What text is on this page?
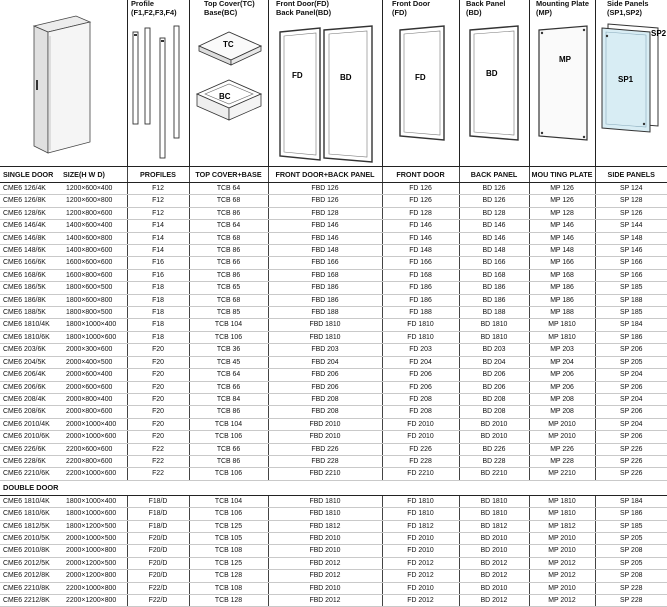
Profile
(F1,F2,F3,F4)
Top Cover(TC)
Base(BC)
Front Door(FD)
Back Panel(BD)
Front Door
(FD)
Back Panel
(BD)
Mounting Plate
(MP)
Side Panels
(SP1,SP2)
TC
BC
FD	BD	FD	BD
MP
SP2
SP1
SINGLE DOOR	SIZE(H W D)	PROFILES	TOP COVER+BASE	FRONT DOOR+BACK PANEL	FRONT DOOR	BACK PANEL	MOU TING PLATE	SIDE PANELS
CME6 126/4K	1200×600×400	F12	TCB 64	FBD 126	FD 126	BD 126	MP 126	SP 124
CME6 126/8K	1200×600×800	F12	TCB 68	FBD 126	FD 126	BD 126	MP 126	SP 128
CME6 128/6K	1200×800×600	F12	TCB 86	FBD 128	FD 128	BD 128	MP 128	SP 126
CME6 146/4K	1400×600×400	F14	TCB 64	FBD 146	FD 146	BD 146	MP 146	SP 144
CME6 146/8K	1400×600×800	F14	TCB 68	FBD 146	FD 146	BD 146	MP 146	SP 148
CME6 148/6K	1400×800×600	F14	TCB 86	FBD 148	FD 148	BD 148	MP 148	SP 146
CME6 166/6K	1600×600×600	F16	TCB 66	FBD 166	FD 166	BD 166	MP 166	SP 166
CME6 168/6K	1600×800×600	F16	TCB 86	FBD 168	FD 168	BD 168	MP 168	SP 166
CME6 186/5K	1800×600×500	F18	TCB 65	FBD 186	FD 186	BD 186	MP 186	SP 185
CME6 186/8K	1800×600×800	F18	TCB 68	FBD 186	FD 186	BD 186	MP 186	SP 188
CME6 188/5K	1800×800×500	F18	TCB 85	FBD 188	FD 188	BD 188	MP 188	SP 185
CME6 1810/4K	1800×1000×400	F18	TCB 104	FBD 1810	FD 1810	BD 1810	MP 1810	SP 184
CME6 1810/6K	1800×1000×600	F18	TCB 106	FBD 1810	FD 1810	BD 1810	MP 1810	SP 186
CME6 203/6K	2000×300×600	F20	TCB 36	FBD 203	FD 203	BD 203	MP 203	SP 206
CME6 204/5K	2000×400×500	F20	TCB 45	FBD 204	FD 204	BD 204	MP 204	SP 205
CME6 206/4K	2000×600×400	F20	TCB 64	FBD 206	FD 206	BD 206	MP 206	SP 204
CME6 206/6K	2000×600×600	F20	TCB 66	FBD 206	FD 206	BD 206	MP 206	SP 206
CME6 208/4K	2000×800×400	F20	TCB 84	FBD 208	FD 208	BD 208	MP 208	SP 204
CME6 208/6K	2000×800×600	F20	TCB 86	FBD 208	FD 208	BD 208	MP 208	SP 206
CME6 2010/4K	2000×1000×400	F20	TCB 104	FBD 2010	FD 2010	BD 2010	MP 2010	SP 204
CME6 2010/6K	2000×1000×600	F20	TCB 106	FBD 2010	FD 2010	BD 2010	MP 2010	SP 206
CME6 226/6K	2200×600×600	F22	TCB 66	FBD 226	FD 226	BD 226	MP 226	SP 226
CME6 228/6K	2200×800×600	F22	TCB 86	FBD 228	FD 228	BD 228	MP 228	SP 226
CME6 2210/6K	2200×1000×600	F22	TCB 106	FBD 2210	FD 2210	BD 2210	MP 2210	SP 226
DOUBLE DOOR								
CME6 1810/4K	1800×1000×400	F18/D	TCB 104	FBD 1810	FD 1810	BD 1810	MP 1810	SP 184
CME6 1810/6K	1800×1000×600	F18/D	TCB 106	FBD 1810	FD 1810	BD 1810	MP 1810	SP 186
CME6 1812/5K	1800×1200×500	F18/D	TCB 125	FBD 1812	FD 1812	BD 1812	MP 1812	SP 185
CME6 2010/5K	2000×1000×500	F20/D	TCB 105	FBD 2010	FD 2010	BD 2010	MP 2010	SP 205
CME6 2010/8K	2000×1000×800	F20/D	TCB 108	FBD 2010	FD 2010	BD 2010	MP 2010	SP 208
CME6 2012/5K	2000×1200×500	F20/D	TCB 125	FBD 2012	FD 2012	BD 2012	MP 2012	SP 205
CME6 2012/8K	2000×1200×800	F20/D	TCB 128	FBD 2012	FD 2012	BD 2012	MP 2012	SP 208
CME6 2210/8K	2200×1000×800	F22/D	TCB 108	FBD 2010	FD 2010	BD 2010	MP 2010	SP 228
CME6 2212/8K	2200×1200×800	F22/D	TCB 128	FBD 2012	FD 2012	BD 2012	MP 2012	SP 228
